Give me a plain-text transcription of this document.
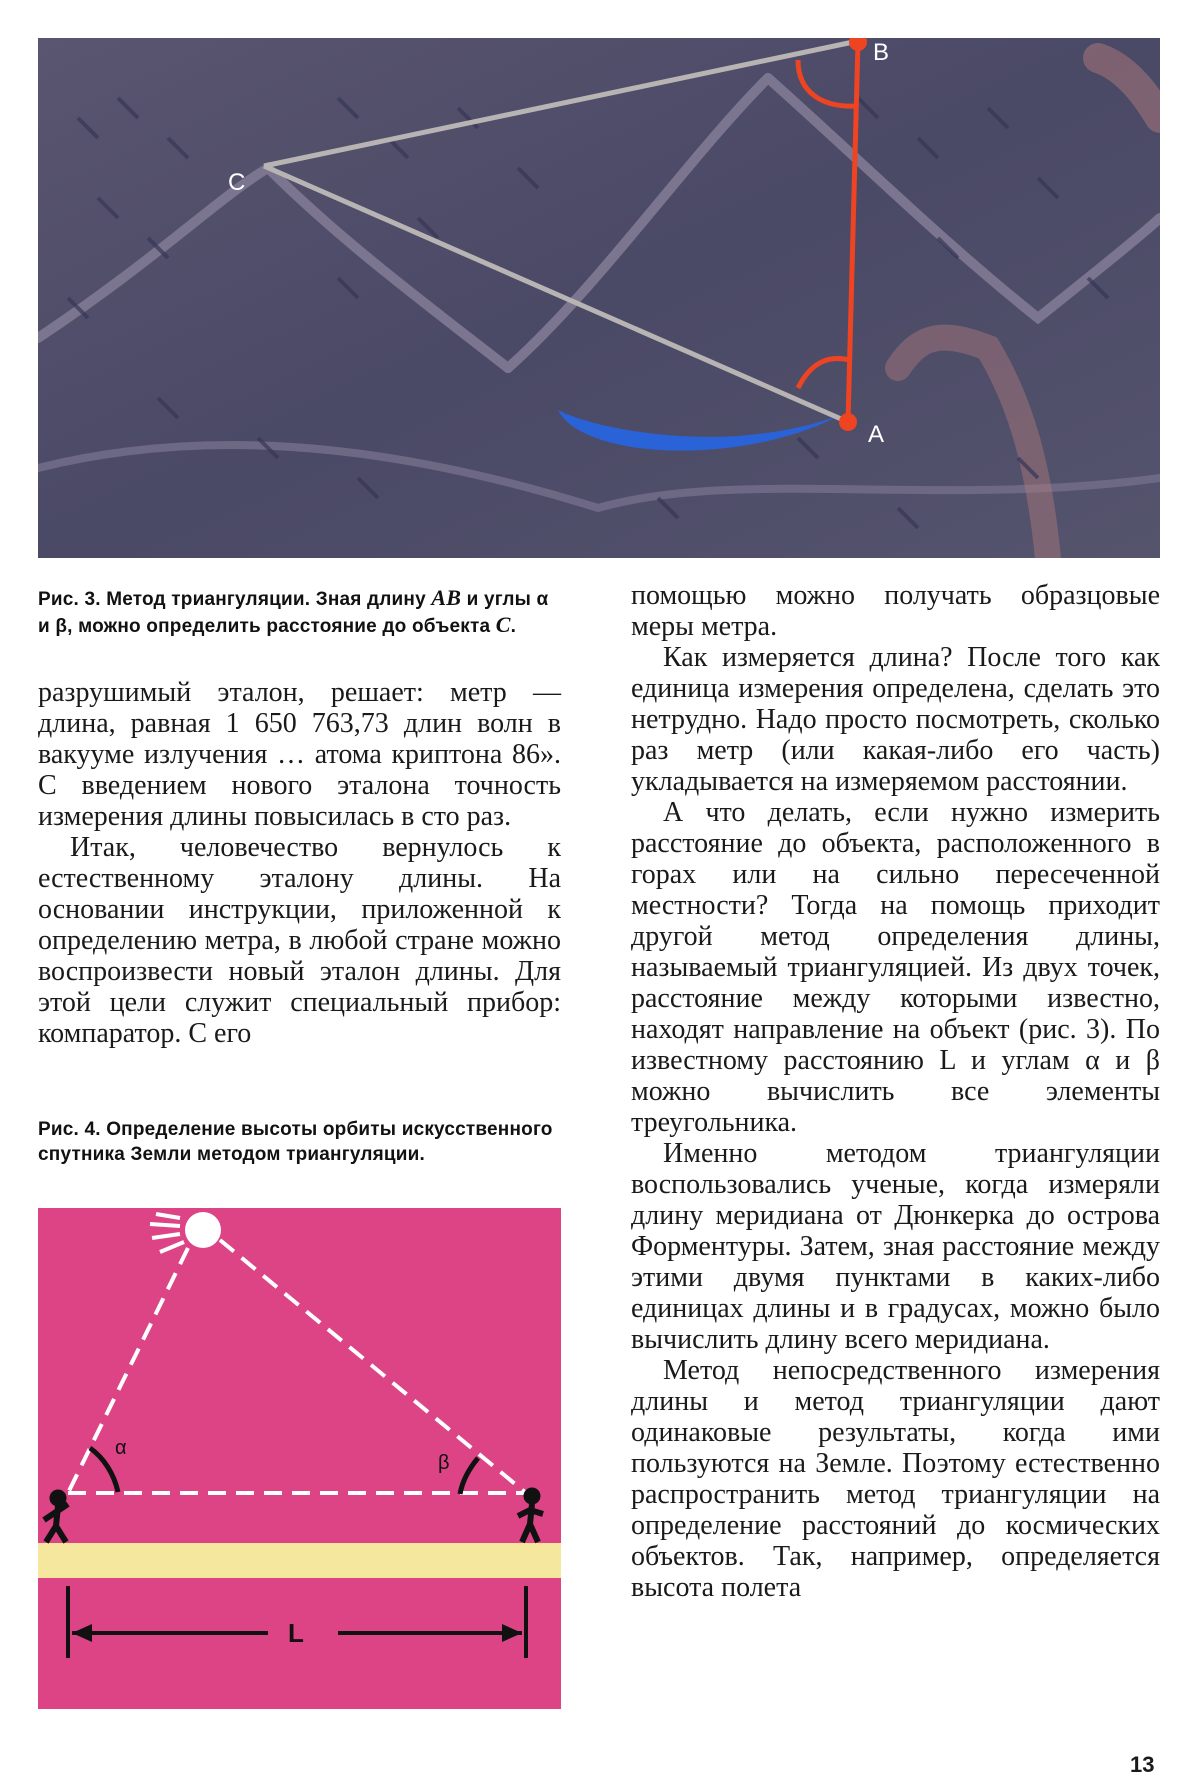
B
A
C
Рис. 3. Метод триангуляции. Зная длину AB и углы α и β, можно определить расстояние до объекта C.

разрушимый эталон, решает: метр — длина, равная 1 650 763,73 длин волн в вакууме излучения … атома криптона 86». С введением нового эталона точность измерения длины повысилась в сто раз.

Итак, человечество вернулось к естественному эталону длины. На основании инструкции, приложенной к определению метра, в любой стране можно воспроизвести новый эталон длины. Для этой цели служит специальный прибор: компаратор. С его

Рис. 4. Определение высоты орбиты искусственного спутника Земли методом триангуляции.
α
β
L

помощью можно получать образцовые меры метра.

Как измеряется длина? После того как единица измерения определена, сделать это нетрудно. Надо просто посмотреть, сколько раз метр (или какая-либо его часть) укладывается на измеряемом расстоянии.

А что делать, если нужно измерить расстояние до объекта, расположенного в горах или на сильно пересеченной местности? Тогда на помощь приходит другой метод определения длины, называемый триангуляцией. Из двух точек, расстояние между которыми известно, находят направление на объект (рис. 3). По известному расстоянию L и углам α и β можно вычислить все элементы треугольника.

Именно методом триангуляции воспользовались ученые, когда измеряли длину меридиана от Дюнкерка до острова Форментуры. Затем, зная расстояние между этими двумя пунктами в каких-либо единицах длины и в градусах, можно было вычислить длину всего меридиана.

Метод непосредственного измерения длины и метод триангуляции дают одинаковые результаты, когда ими пользуются на Земле. Поэтому естественно распространить метод триангуляции на определение расстояний до космических объектов. Так, например, определяется высота полета

13
